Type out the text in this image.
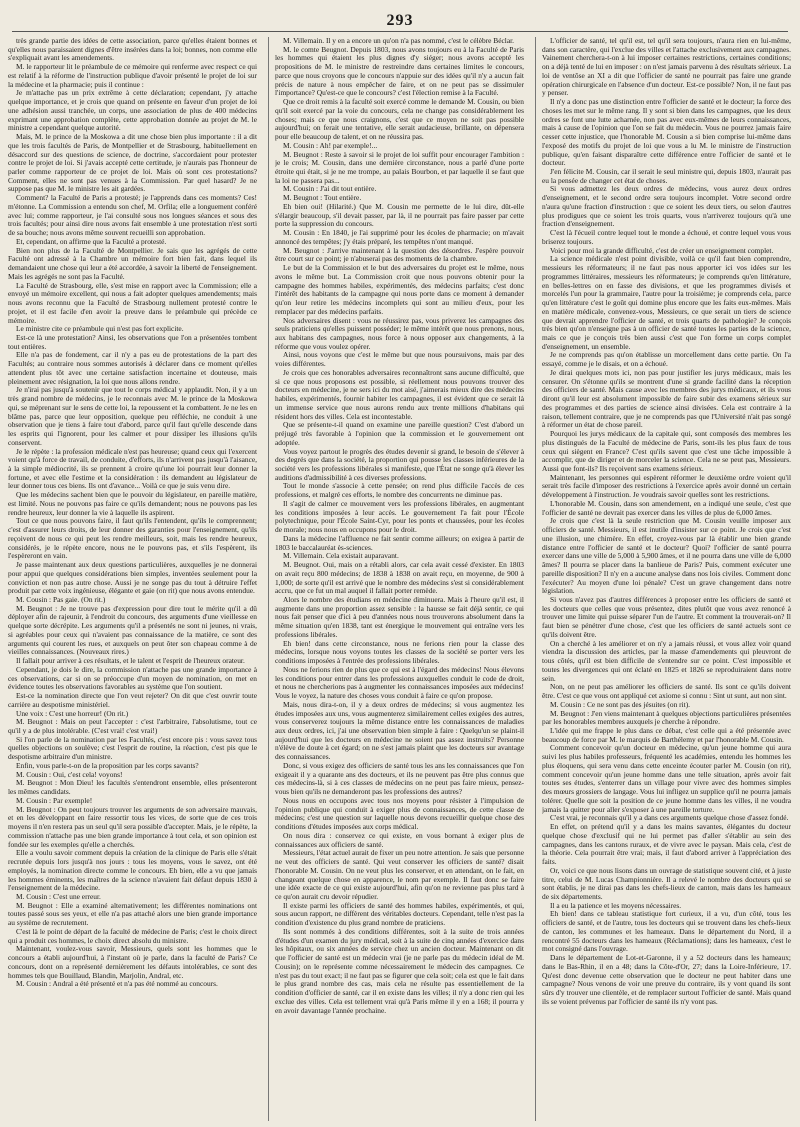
293

très grande partie des idées de cette association, parce qu'elles étaient bonnes et qu'elles nous paraissaient dignes d'être insérées dans la loi; bonnes, non comme elle s'expliquait avant les amendements.

M. le rapporteur lit le préambule de ce mémoire qui renferme avec respect ce qui est relatif à la réforme de l'instruction publique d'avoir présenté le projet de loi sur la médecine et la pharmacie; puis il continue :

Je m'attache pas un prix extrême à cette déclaration; cependant, j'y attache quelque importance, et je crois que quand on présente en faveur d'un projet de loi une adhésion aussi tranchée, un corps, une association de plus de 400 médecins exprimant une approbation complète, cette approbation donnée au projet de M. le ministre a cependant quelque autorité.

Mais, M. le prince de la Moskowa a dit une chose bien plus importante : il a dit que les trois facultés de Paris, de Montpellier et de Strasbourg, habituellement en désaccord sur des questions de science, de doctrine, s'accordaient pour protester contre le projet de loi. Si j'avais accepté cette certitude, je n'aurais pas l'honneur de parler comme rapporteur de ce projet de loi. Mais où sont ces protestations? Comment, elles ne sont pas venues à la Commission. Par quel hasard? Je ne suppose pas que M. le ministre les ait gardées.

Comment? la Faculté de Paris a protesté; je l'apprends dans ces moments? Ces! m'étonne. La Commission a entendu son chef, M. Orfila; elle a longuement conféré avec lui; comme rapporteur, je l'ai consulté sous nos longues séances et sous des trois facultés; pour ainsi dire nous avons fait ensemble à une protestation n'est sorti de sa bouche; nous avons même souvent recueilli son approbation.

Et, cependant, on affirme que la Faculté a protesté.

Bien non plus de la Faculté de Montpellier. Je sais que les agrégés de cette Faculté ont adressé à la Chambre un mémoire fort bien fait, dans lequel ils demandaient une chose qui leur a été accordée, à savoir la liberté de l'enseignement. Mais les agrégés ne sont pas la Faculté.

La Faculté de Strasbourg, elle, s'est mise en rapport avec la Commission; elle a envoyé un mémoire excellent, qui nous a fait adopter quelques amendements; mais nous avons reconnu que la Faculté de Strasbourg nullement protesté contre le projet, et il est facile d'en avoir la preuve dans le préambule qui précède ce mémoire.

Le ministre cite ce préambule qui n'est pas fort explicite.

Est-ce là une protestation? Ainsi, les observations que l'on a présentées tombent tout entières.

Elle n'a pas de fondement, car il n'y a pas eu de protestations de la part des Facultés; au contraire nous sommes autorisés à déclarer dans ce moment qu'elles attendent plus tôt avec une certaine satisfaction incertaine et douteuse, mais pleinement avec résignation, la loi que nous allons rendre.

Je n'irai pas jusqu'à soutenir que tout le corps médical y applaudit. Non, il y a un très grand nombre de médecins, je le reconnais avec M. le prince de la Moskowa qui, se méprenant sur le sens de cette loi, la repoussent et la combattent. Je ne les en blâme pas, parce que leur opposition, quelque peu réfléchie, ne conduit à une observation que je tiens à faire tout d'abord, parce qu'il faut qu'elle descende dans les esprits qui l'ignorent, pour les calmer et pour dissiper les illusions qu'ils conservent.

Je le répète : la profession médicale n'est pas heureuse; quand ceux qui l'exercent voient qu'à force de travail, de conduite, d'efforts, ils n'arrivent pas jusqu'à l'aisance, à la simple médiocrité, ils se prennent à croire qu'une loi pourrait leur donner la fortune, et avec elle l'estime et la considération : ils demandent au législateur de leur donner tous ces biens. Ils ont d'avance... Voilà ce que je suis venu dire.

Que les médecins sachent bien que le pouvoir du législateur, en pareille matière, est limité. Nous ne pouvons pas faire ce qu'ils demandent; nous ne pouvons pas les rendre heureux, leur donner la vie à laquelle ils aspirent.

Tout ce que nous pouvons faire, il faut qu'ils l'entendent, qu'ils le comprennent; c'est d'assurer leurs droits, de leur donner des garanties pour l'enseignement, qu'ils reçoivent de nous ce qui peut les rendre meilleurs, soit, mais les rendre heureux, considérés, je le répète encore, nous ne le pouvons pas, et s'ils l'espèrent, ils l'espèreront en vain.

Je passe maintenant aux deux questions particulières, auxquelles je ne donnerai pour appui que quelques considérations bien simples, inventées seulement pour la conviction et non pas autre chose. Aussi je ne songe pas du tout à détruire l'effet produit par cette voix ingénieuse, élégante et gaie (on rit) que nous avons entendue.

M. Cousin : Pas gaie. (On rit.)

M. Beugnot : Je ne trouve pas d'expression pour dire tout le mérite qu'il a dû déployer afin de rajeunir, à l'endroit du concours, des arguments d'une vieillesse en quelque sorte décrépite. Les arguments qu'il a présentés ne sont ni jeunes, ni vrais, si agréables pour ceux qui n'avaient pas connaissance de la matière, ce sont des arguments qui courent les rues, et auxquels on peut ôter son chapeau comme à de vieilles connaissances. (Nouveaux rires.)

Il fallait pour arriver à ces résultats, et le talent et l'esprit de l'heureux orateur.

Cependant, je dois le dire, la commission n'attache pas une grande importance à ces observations, car si on se préoccupe d'un moyen de nomination, on met en évidence toutes les observations favorables au système que l'on soutient.

Est-ce la nomination directe que l'on veut rejeter? On dit que c'est ouvrir toute carrière au despotisme ministériel.

Une voix : C'est une horreur! (On rit.)

M. Beugnot : Mais on peut l'accepter : c'est l'arbitraire, l'absolutisme, tout ce qu'il y a de plus intolérable. (C'est vrai! c'est vrai!)

Si l'on parle de la nomination par les Facultés, c'est encore pis : vous savez tous quelles objections on soulève; c'est l'esprit de routine, la réaction, c'est pis que le despotisme arbitraire d'un ministre.

Enfin, vous parle-t-on de la proposition par les corps savants?

M. Cousin : Oui, c'est cela! voyons!

M. Beugnot : Mon Dieu! les facultés s'entendront ensemble, elles présenteront les mêmes candidats.

M. Cousin : Par exemple!

M. Beugnot : On peut toujours trouver les arguments de son adversaire mauvais, et en les développant en faire ressortir tous les vices, de sorte que de ces trois moyens il n'en restera pas un seul qu'il sera possible d'accepter. Mais, je le répète, la commission n'attache pas une bien grande importance à tout cela, et son opinion est fondée sur les exemples qu'elle a cherchés.

Elle a voulu savoir comment depuis la création de la clinique de Paris elle s'était recrutée depuis lors jusqu'à nos jours : tous les moyens, vous le savez, ont été employés, la nomination directe comme le concours. Eh bien, elle a vu que jamais les hommes éminents, les maîtres de la science n'avaient fait défaut depuis 1830 à l'enseignement de la médecine.

M. Cousin : C'est une erreur.

M. Beugnot : Elle a examiné alternativement; les différentes nominations ont toutes passé sous ses yeux, et elle n'a pas attaché alors une bien grande importance au système de recrutement.

C'est là le point de départ de la faculté de médecine de Paris; c'est le choix direct qui a produit ces hommes, le choix direct absolu du ministre.

Maintenant, voulez-vous savoir, Messieurs, quels sont les hommes que le concours a établi aujourd'hui, à l'instant où je parle, dans la faculté de Paris? Ce concours, dont on a représenté dernièrement les défauts intolérables, ce sont des hommes tels que Bouillaud, Blandin, Marjolin, Andral, etc.

M. Cousin : Andral a été présenté et n'a pas été nommé au concours.

M. Villemain. Il y en a encore un qu'on n'a pas nommé, c'est le célèbre Béclar.

M. le comte Beugnot. Depuis 1803, nous avons toujours eu à la Faculté de Paris les hommes qui étaient les plus dignes d'y siéger; nous avons accepté les propositions de M. le ministre de restreindre dans certaines limites le concours, parce que nous croyons que le concours n'appuie sur des idées qu'il n'y a aucun fait précis de nature à nous empêcher de faire, et on ne peut pas se dissimuler l'importance? Qu'est-ce que le concours? c'est l'élection remise à la Faculté.

Que ce droit remis à la faculté soit exercé comme le demande M. Cousin, ou bien qu'il soit exercé par la voie du concours, cela ne change pas considérablement les choses; mais ce que nous craignons, c'est que ce moyen ne soit pas possible aujourd'hui; on ferait une tentative, elle serait audacieuse, brillante, on dépensera pour elle beaucoup de talent, et on ne réussira pas.

M. Cousin : Ah! par exemple!...

M. Beugnot : Reste à savoir si le projet de loi suffit pour encourager l'ambition : je le crois; M. Cousin, dans une dernière circonstance, nous a parlé d'une porte étroite qui était, si je ne me trompe, au palais Bourbon, et par laquelle il se faut que la loi ne passera pas...

M. Cousin : J'ai dit tout entière.

M. Beugnot : Tout entière.

Eh bien oui! (Hilarité.) Que M. Cousin me permette de le lui dire, dût-elle s'élargir beaucoup, s'il devait passer, par là, il ne pourrait pas faire passer par cette porte la suppression du concours.

M. Cousin : En 1840, je l'ai supprimé pour les écoles de pharmacie; on m'avait annoncé des tempêtes; j'y étais préparé, les tempêtes n'ont manqué.

M. Beugnot : J'arrive maintenant à la question des désordres. J'espère pouvoir être court sur ce point; je n'abuserai pas des moments de la chambre.

Le but de la Commission et le but des adversaires du projet est le même, nous avons le même but. La Commission croit que nous pouvons obtenir pour la campagne des hommes habiles, expérimentés, des médecins parfaits; c'est donc l'intérêt des habitants de la campagne qui nous porte dans ce moment à demander qu'on leur retire les médecins incomplets qui sont au milieu d'eux, pour les remplacer par des médecins parfaits.

Nos adversaires disent : vous ne réussirez pas, vous priverez les campagnes des seuls praticiens qu'elles puissent posséder; le même intérêt que nous prenons, nous, aux habitans des campagnes, nous force à nous opposer aux changements, à la réforme que vous voulez opérer.

Ainsi, nous voyons que c'est le même but que nous poursuivons, mais par des voies différentes.

Je crois que ces honorables adversaires reconnaîtront sans aucune difficulté, que si ce que nous proposons est possible, si réellement nous pouvons trouver des docteurs en médecine, je ne sers ici du mot aisé, j'aimerais mieux dire des médecins habiles, expérimentés, fournir habiter les campagnes, il est évident que ce serait là un immense service que nous aurons rendu aux trente millions d'habitans qui résident hors des villes. Cela est incontestable.

Que se présente-t-il quand on examine une pareille question? C'est d'abord un préjugé très favorable à l'opinion que la commission et le gouvernement ont adoptée.

Vous voyez partout le progrès des études devenir si grand, le besoin de s'élever à des degrés que dans la société, la proportion qui pousse les classes inférieures de la société vers les professions libérales si manifeste, que l'État ne songe qu'à élever les auditions d'admissibilité à ces diverses professions.

Tout le monde s'associe à cette pensée; on rend plus difficile l'accès de ces professions, et malgré ces efforts, le nombre des concurrents ne diminue pas.

Il s'agit de calmer ce mouvement vers les professions libérales, en augmentant les conditions imposées à leur accès. Le gouvernement l'a fait pour l'École polytechnique, pour l'École Saint-Cyr, pour les ponts et chaussées, pour les écoles de morale; nous nous en occupons pour le droit.

Dans la médecine l'affluence ne fait sentir comme ailleurs; on exigea à partir de 1803 le baccalauréat ès-sciences.

M. Villemain. Cela existait auparavant.

M. Beugnot. Oui, mais on a rétabli alors, car cela avait cessé d'exister. En 1803 on avait reçu 800 médecins; de 1838 à 1838 on avait reçu, en moyenne, de 900 à 1,000; de sorte qu'il est arrivé que le nombre des médecins s'est si considérablement accru, que ce fut un mal auquel il fallait porter remède.

Alors le nombre des étudians en médecine diminuera. Mais à l'heure qu'il est, il augmente dans une proportion assez sensible : la hausse se fait déjà sentir, ce qui nous fait penser que d'ici à peu d'années nous nous trouverons absolument dans la même situation qu'en 1838, tant est énergique le mouvement qui entraîne vers les professions libérales.

Eh bien! dans cette circonstance, nous ne ferions rien pour la classe des médecins, lorsque nous voyons toutes les classes de la société se porter vers les conditions imposées à l'entrée des professions libérales.

Nous ne ferions rien de plus que ce qui est à l'égard des médecins! Nous élevons les conditions pour entrer dans les professions auxquelles conduit le code de droit, et nous ne chercherions pas à augmenter les connaissances imposées aux médecins! Vous le voyez, la nature des choses vous conduit à faire ce qu'on propose.

Mais, nous dira-t-on, il y a deux ordres de médecins; si vous augmentez les études imposées aux uns, vous augmenterez similairement celles exigées des autres, vous conserverez toujours la même distance entre les connaissances de maladies aux deux ordres, ici, j'ai une observation bien simple à faire : Quelqu'un se plaint-il aujourd'hui que les docteurs en médecine ne soient pas assez instruits? Personne n'élève de doute à cet égard; on ne s'est jamais plaint que les docteurs sur avantage des connaissances.

Donc, si vous exigez des officiers de santé tous les ans les connaissances que l'on exigeait il y a quarante ans des docteurs, et ils ne peuvent pas être plus connus que ces médecins-là, si à ces classes de médecins on ne peut pas faire mieux, pensez-vous bien qu'ils ne demanderont pas les professions des autres?

Nous nous en occupons avec tous nos moyens pour résister à l'impulsion de l'opinion publique qui conduit à exiger plus de connaissances, de cette classe de médecins; c'est une question sur laquelle nous devons recueillir quelque chose des conditions d'études imposées aux corps médical.

On nous dira : conservez ce qui existe, en vous bornant à exiger plus de connaissances aux officiers de santé.

Messieurs, l'état actuel aurait de fixer un peu notre attention. Je sais que personne ne veut des officiers de santé. Qui veut conserver les officiers de santé? disait l'honorable M. Cousin. On ne veut plus les conserver, et en attendant, on le fait, en changeant quelque chose en apparence, le nom par exemple. Il faut donc se faire une idée exacte de ce qui existe aujourd'hui, afin qu'on ne revienne pas plus tard à ce qu'on aurait cru devoir répudier.

Il existe parmi les officiers de santé des hommes habiles, expérimentés, et qui, sous aucun rapport, ne diffèrent des véritables docteurs. Cependant, telle n'est pas la condition d'existence du plus grand nombre de praticiens.

Ils sont nommés à des conditions différentes, soit à la suite de trois années d'études d'un examen du jury médical, soit à la suite de cinq années d'exercice dans les hôpitaux, ou six années de service chez un ancien docteur. Maintenant on dit que l'officier de santé est un médecin vrai (je ne parle pas du médecin idéal de M. Cousin); on le représente comme nécessairement le médecin des campagnes. Ce n'est pas du tout exact; il ne faut pas se figurer que cela soit; cela est que le fait dans le plus grand nombre des cas, mais cela ne résulte pas essentiellement de la condition d'officier de santé, car il en existe dans les villes; il n'y a donc rien qui les exclue des villes. Cela est tellement vrai qu'à Paris même il y en a 168; il pourra y en avoir davantage l'année prochaine.

L'officier de santé, tel qu'il est, tel qu'il sera toujours, n'aura rien en lui-même, dans son caractère, qui l'exclue des villes et l'attache exclusivement aux campagnes. Vainement cherchera-t-on à lui imposer certaines restrictions, certaines conditions; on a déjà tenté de lui en imposer : on n'est jamais parvenu à des résultats sérieux. La loi de ventôse an XI a dit que l'officier de santé ne pourrait pas faire une grande opération chirurgicale en l'absence d'un docteur. Est-ce possible? Non, il ne faut pas y penser.

Il n'y a donc pas une distinction entre l'officier de santé et le docteur; la force des choses les met sur le même rang. Il y sont si bien dans les campagnes, que les deux ordres se font une lutte acharnée, non pas avec eux-mêmes de leurs connaissances, mais à cause de l'opinion que l'on se fait du médecin. Vous ne pourrez jamais faire cesser cette injustice, que l'honorable M. Cousin a si bien comprise lui-même dans l'exposé des motifs du projet de loi que vous a lu M. le ministre de l'instruction publique, qu'en faisant disparaître cette différence entre l'officier de santé et le docteur.

J'en félicite M. Cousin, car il serait le seul ministre qui, depuis 1803, n'aurait pas eu la pensée de changer cet état de choses.

Si vous admettez les deux ordres de médecins, vous aurez deux ordres d'enseignement, et le second ordre sera toujours incomplet. Votre second ordre n'aura qu'une fraction d'instruction : que ce soient les deux tiers, ou selon d'autres plus prodigues que ce soient les trois quarts, vous n'arriverez toujours qu'à une fraction d'enseignement.

C'est là l'écueil contre lequel tout le monde a échoué, et contre lequel vous vous briserez toujours.

Voici pour moi la grande difficulté, c'est de créer un enseignement complet.

La science médicale n'est point divisible, voilà ce qu'il faut bien comprendre, messieurs les réformateurs; il ne faut pas nous apporter ici vos idées sur les programmes littéraires, messieurs les réformateurs; je comprends qu'en littérature, en belles-lettres on en fasse des divisions, et que les programmes divisés et morcelés l'un pour la grammaire, l'autre pour la troisième; je comprends cela, parce qu'en littérature c'est le goût qui domine plus encore que les faits eux-mêmes. Mais en matière médicale, convenez-vous, Messieurs, ce que serait un tiers de science que devrait apprendre l'officier de santé, et trois quarts de pathologie? Je conçois très bien qu'on n'enseigne pas à un officier de santé toutes les parties de la science, mais ce que je conçois très bien aussi c'est que l'on forme un corps complet d'enseignement, un ensemble.

Je ne comprends pas qu'on établisse un morcellement dans cette partie. On l'a essayé, comme je le disais, et on a échoué.

Je dirai quelques mots ici, non pas pour justifier les jurys médicaux, mais les censurer. On s'étonne qu'ils se montrent d'une si grande facilité dans la réception des officiers de santé. Mais cause avec les membres des jurys médicaux, et ils vous diront qu'il leur est absolument impossible de faire subir des examens sérieux sur des programmes et des parties de science ainsi divisées. Cela est contraire à la raison, tellement contraire, que je ne comprends pas que l'Université n'ait pas songé à réformer un état de chose pareil.

Pourquoi les jurys médicaux de la capitale qui, sont composés des membres les plus distingués de la Faculté de médecine de Paris, sont-ils les plus faux de tous ceux qui siègent en France? C'est qu'ils savent que c'est une tâche impossible à accomplir, que de diriger et de morceler la science. Cela ne se peut pas, Messieurs. Aussi que font-ils? Ils reçoivent sans examens sérieux.

Maintenant, les personnes qui espèrent réformer le deuxième ordre voient qu'il serait très facile d'imposer des restrictions à l'exercice après avoir donné un certain développement à l'instruction. Je voudrais savoir quelles sont les restrictions.

L'honorable M. Cousin, dans son amendement, en a indiqué une seule, c'est que l'officier de santé ne devrait pas exercer dans les villes de plus de 6,000 âmes.

Je crois que c'est là la seule restriction que M. Cousin veuille imposer aux officiers de santé. Messieurs, il est inutile d'insister sur ce point. Je crois que c'est une illusion, une chimère. En effet, croyez-vous par là établir une bien grande distance entre l'officier de santé et le docteur? Quoi? l'officier de santé pourra exercer dans une ville de 5,000 à 5,900 âmes, et il ne pourra dans une ville de 6,000 âmes? Il pourra se placer dans la banlieue de Paris? Puis, comment exécuter une pareille disposition? Il n'y en a aucune analyse dans nos lois civiles. Comment donc l'exécuter? Au moyen d'une loi pénale? C'est un grave changement dans notre législation.

Si vous n'avez pas d'autres différences à proposer entre les officiers de santé et les docteurs que celles que vous présentez, dites plutôt que vous avez renoncé à trouver une limite qui puisse séparer l'un de l'autre. Et comment la trouverait-on? Il faut bien se pénétrer d'une chose, c'est que les officiers de santé actuels sont ce qu'ils doivent être.

On a cherché à les améliorer et on n'y a jamais réussi, et vous allez voir quand viendra la discussion des articles, par la masse d'amendements qui pleuvront de tous côtés, qu'il est bien difficile de s'entendre sur ce point. C'est impossible et toutes les divergences qui ont éclaté en 1825 et 1826 se reproduiraient dans notre sein.

Non, on ne peut pas améliorer les officiers de santé. Ils sont ce qu'ils doivent être. C'est ce que vous ont appliqué cet axiome si connu : Sint ut sunt, aut non sint.

M. Cousin : Ce ne sont pas des jésuites (on rit).

M. Beugnot : J'en viens maintenant à quelques objections particulières présentées par les honorables membres auxquels je cherche à répondre.

L'idée qui me frappe le plus dans ce débat, c'est celle qui a été présentée avec beaucoup de force par M. le marquis de Barthélemy et par l'honorable M. Cousin.

Comment concevoir qu'un docteur en médecine, qu'un jeune homme qui aura suivi les plus habiles professeurs, fréquenté les académies, entendu les hommes les plus éloquens, qui sera venu dans cette enceinte écouter parler M. Cousin (on rit), comment concevoir qu'un jeune homme dans une telle situation, après avoir fait toutes ses études, s'enterrer dans un village pour vivre avec des hommes simples des mœurs grossiers de langage. Vous lui infligez un supplice qu'il ne pourra jamais tolérer. Quelle que soit la position de ce jeune homme dans les villes, il ne voudra jamais la quitter pour aller s'exposer à une pareille torture.

C'est vrai, je reconnais qu'il y a dans ces arguments quelque chose d'assez fondé.

En effet, on prétend qu'il y a dans les mains savantes, élégantes du docteur quelque chose d'exclusif qui ne lui permet pas d'aller s'établir au sein des campagnes, dans les cantons ruraux, et de vivre avec le paysan. Mais cela, c'est de la théorie. Cela pourrait être vrai; mais, il faut d'abord arriver à l'appréciation des faits.

Or, voici ce que nous lisons dans un ouvrage de statistique souvent cité, et à juste titre, celui de M. Lucas Championnière. Il a relevé le nombre des docteurs qui se sont établis, je ne dirai pas dans les chefs-lieux de canton, mais dans les hameaux de six départements.

Il a eu la patience et les moyens nécessaires.

Eh bien! dans ce tableau statistique fort curieux, il a vu, d'un côté, tous les officiers de santé, et de l'autre, tous les docteurs qui se trouvent dans les chefs-lieux de canton, les communes et les hameaux. Dans le département du Nord, il a rencontré 55 docteurs dans les hameaux (Réclamations); dans les hameaux, c'est le mot consigné dans l'ouvrage.

Dans le département de Lot-et-Garonne, il y a 52 docteurs dans les hameaux; dans le Bas-Rhin, il en a 48; dans la Côte-d'Or, 27; dans la Loire-Inférieure, 17. Qu'est donc devenue cette observation que le docteur ne peut habiter dans une campagne? Nous venons de voir une preuve du contraire, ils y vont quand ils sont sûrs d'y trouver une clientèle, et de remplacer surtout l'officier de santé. Mais quand ils se voient prévenus par l'officier de santé ils n'y vont pas.
